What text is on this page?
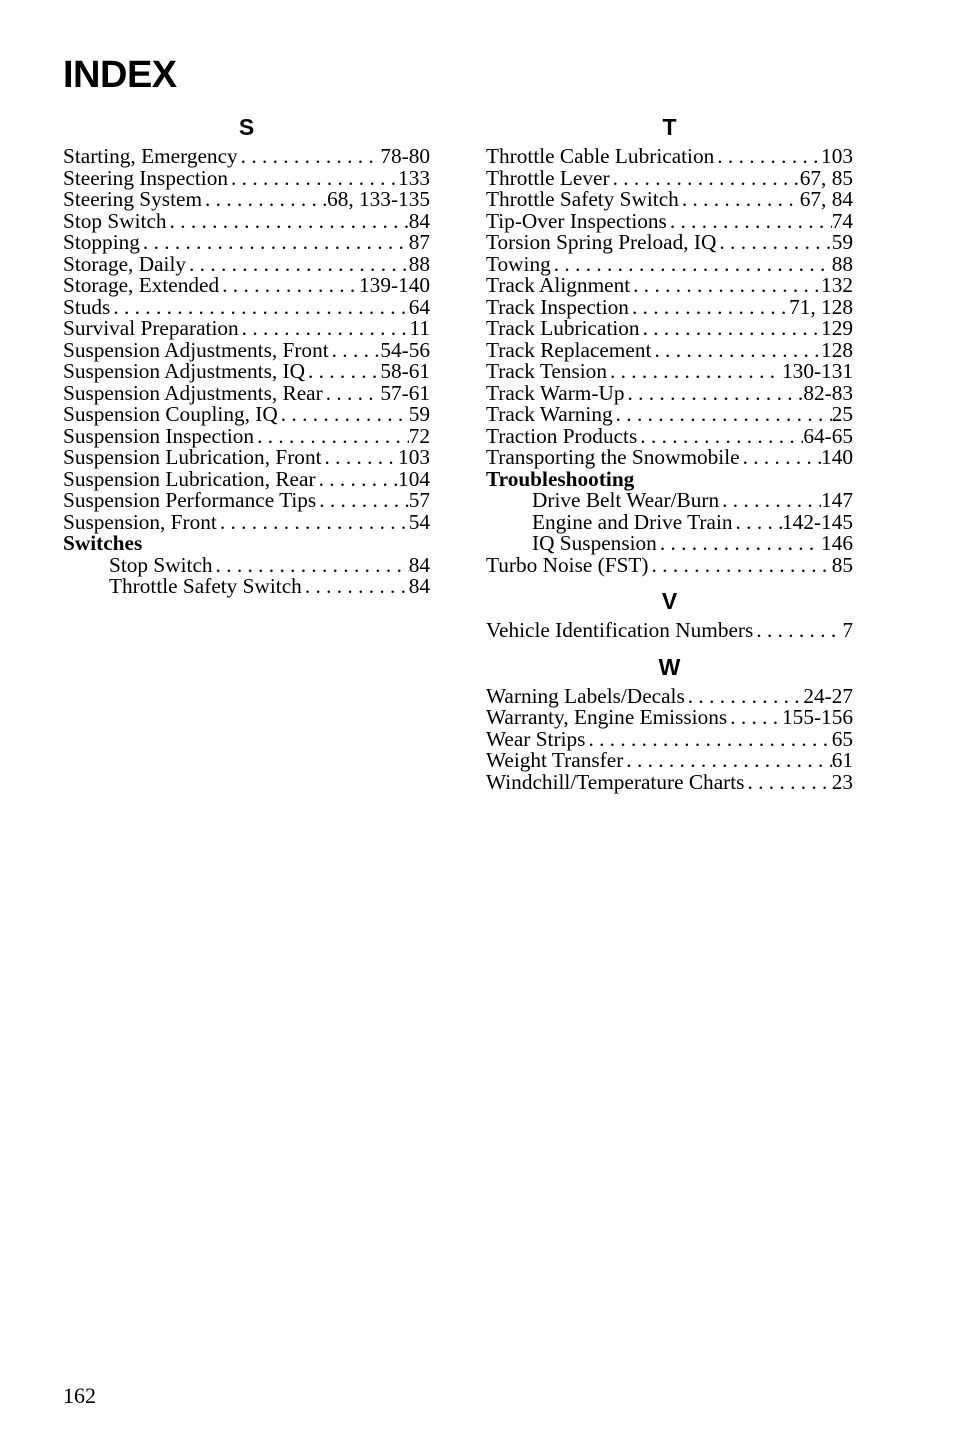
INDEX
S
Starting, Emergency . . .	78-80
Steering Inspection . . .	133
Steering System . . .	68, 133-135
Stop Switch . . .	84
Stopping . . .	87
Storage, Daily . . .	88
Storage, Extended . . .	139-140
Studs . . .	64
Survival Preparation . . .	11
Suspension Adjustments, Front . . . 54-56
Suspension Adjustments, IQ . . .	58-61
Suspension Adjustments, Rear . . .	57-61
Suspension Coupling, IQ . . .	59
Suspension Inspection . . .	72
Suspension Lubrication, Front . . .	103
Suspension Lubrication, Rear . . .	104
Suspension Performance Tips . . .	57
Suspension, Front . . .	54
Switches
Stop Switch . . .	84
Throttle Safety Switch . . .	84
T
Throttle Cable Lubrication . . .	103
Throttle Lever . . .	67, 85
Throttle Safety Switch . . .	67, 84
Tip-Over Inspections . . .	74
Torsion Spring Preload, IQ . . .	59
Towing . . .	88
Track Alignment . . .	132
Track Inspection . . .	71, 128
Track Lubrication . . .	129
Track Replacement . . .	128
Track Tension . . .	130-131
Track Warm-Up . . .	82-83
Track Warning . . .	25
Traction Products . . .	64-65
Transporting the Snowmobile . . .	140
Troubleshooting
Drive Belt Wear/Burn . . .	147
Engine and Drive Train . . . 142-145
IQ Suspension . . .	146
Turbo Noise (FST) . . .	85
V
Vehicle Identification Numbers . . .	7
W
Warning Labels/Decals . . .	24-27
Warranty, Engine Emissions . . .	155-156
Wear Strips . . .	65
Weight Transfer . . .	61
Windchill/Temperature Charts . . .	23
162
